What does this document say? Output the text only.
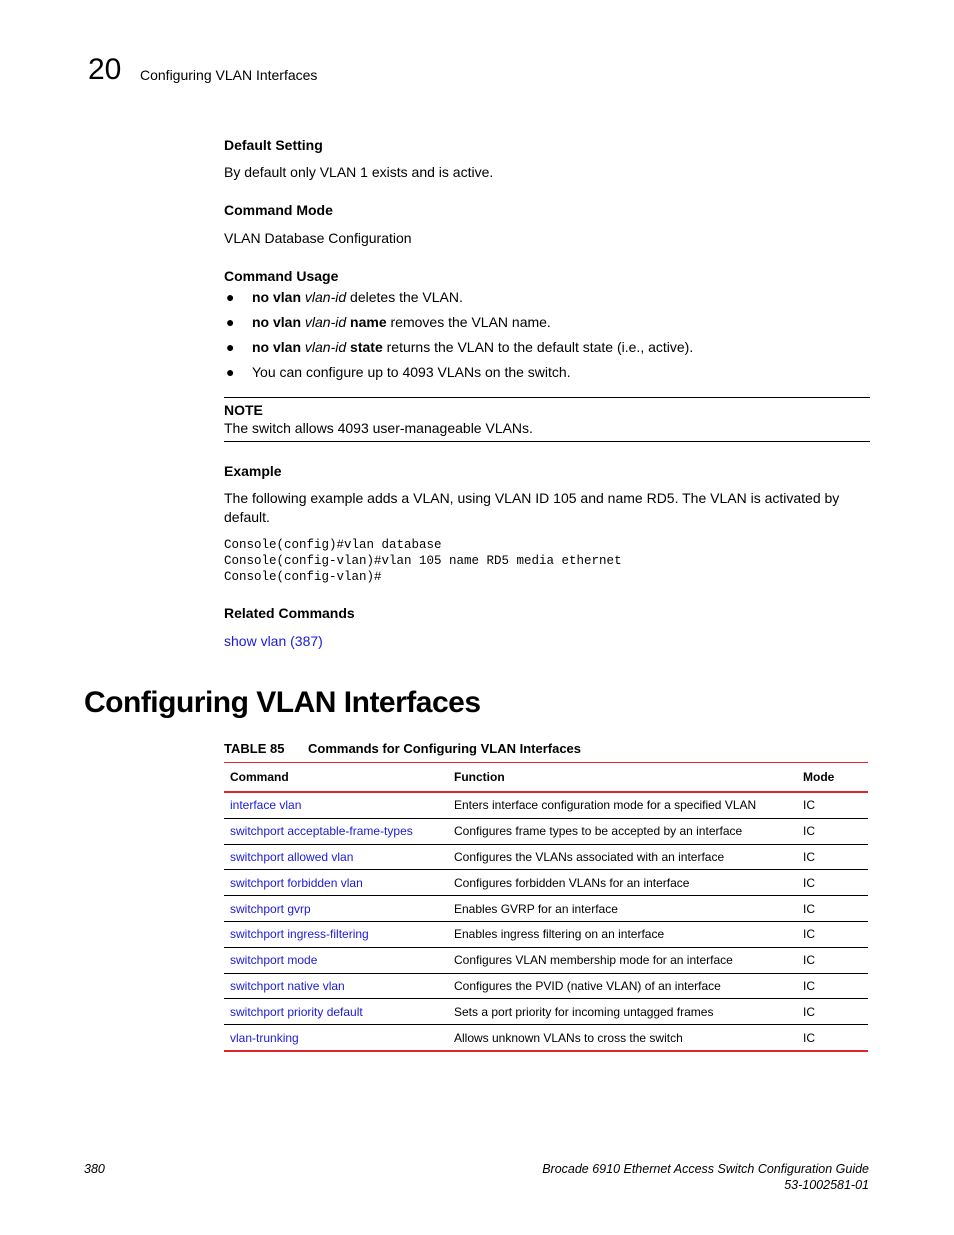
20 Configuring VLAN Interfaces
Default Setting
By default only VLAN 1 exists and is active.
Command Mode
VLAN Database Configuration
Command Usage
● no vlan vlan-id deletes the VLAN.
● no vlan vlan-id name removes the VLAN name.
● no vlan vlan-id state returns the VLAN to the default state (i.e., active).
● You can configure up to 4093 VLANs on the switch.
NOTE
The switch allows 4093 user-manageable VLANs.
Example
The following example adds a VLAN, using VLAN ID 105 and name RD5. The VLAN is activated by default.
Console(config)#vlan database
Console(config-vlan)#vlan 105 name RD5 media ethernet
Console(config-vlan)#
Related Commands
show vlan (387)
Configuring VLAN Interfaces
TABLE 85 Commands for Configuring VLAN Interfaces
Command	Function	Mode
interface vlan	Enters interface configuration mode for a specified VLAN	IC
switchport acceptable-frame-types	Configures frame types to be accepted by an interface	IC
switchport allowed vlan	Configures the VLANs associated with an interface	IC
switchport forbidden vlan	Configures forbidden VLANs for an interface	IC
switchport gvrp	Enables GVRP for an interface	IC
switchport ingress-filtering	Enables ingress filtering on an interface	IC
switchport mode	Configures VLAN membership mode for an interface	IC
switchport native vlan	Configures the PVID (native VLAN) of an interface	IC
switchport priority default	Sets a port priority for incoming untagged frames	IC
vlan-trunking	Allows unknown VLANs to cross the switch	IC
380	Brocade 6910 Ethernet Access Switch Configuration Guide
53-1002581-01
